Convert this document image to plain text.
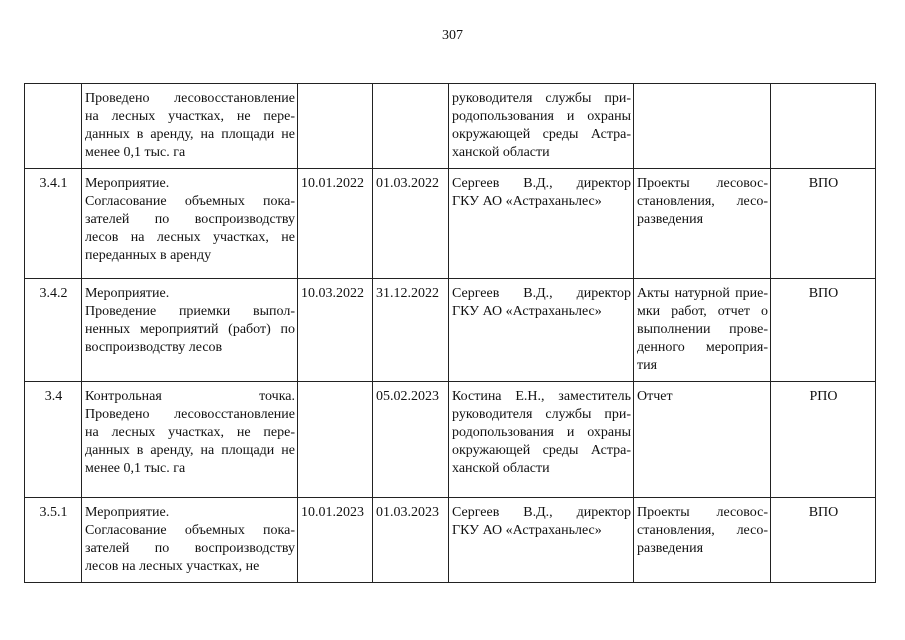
307

	Проведено лесовосстановление
на лесных участках, не пере-
данных в аренду, на площади не
менее 0,1 тыс. га			руководителя службы при-
родопользования и охраны
окружающей среды Астра-
ханской области		

3.4.1	Мероприятие.
Согласование объемных пока-
зателей по воспроизводству
лесов на лесных участках, не
переданных в аренду	10.01.2022	01.03.2022	Сергеев В.Д., директор
ГКУ АО «Астраханьлес»	Проекты лесовос-
становления, лесо-
разведения	ВПО
3.4.2	Мероприятие.
Проведение приемки выпол-
ненных мероприятий (работ) по
воспроизводству лесов	10.03.2022	31.12.2022	Сергеев В.Д., директор
ГКУ АО «Астраханьлес»	Акты натурной прие-
мки работ, отчет о
выполнении прове-
денного мероприя-
тия	ВПО
3.4	Контрольная точка.
Проведено лесовосстановление
на лесных участках, не пере-
данных в аренду, на площади не
менее 0,1 тыс. га		05.02.2023	Костина Е.Н., заместитель
руководителя службы при-
родопользования и охраны
окружающей среды Астра-
ханской области	Отчет	РПО
3.5.1	Мероприятие.
Согласование объемных пока-
зателей по воспроизводству
лесов на лесных участках, не	10.01.2023	01.03.2023	Сергеев В.Д., директор
ГКУ АО «Астраханьлес»	Проекты лесовос-
становления, лесо-
разведения	ВПО
